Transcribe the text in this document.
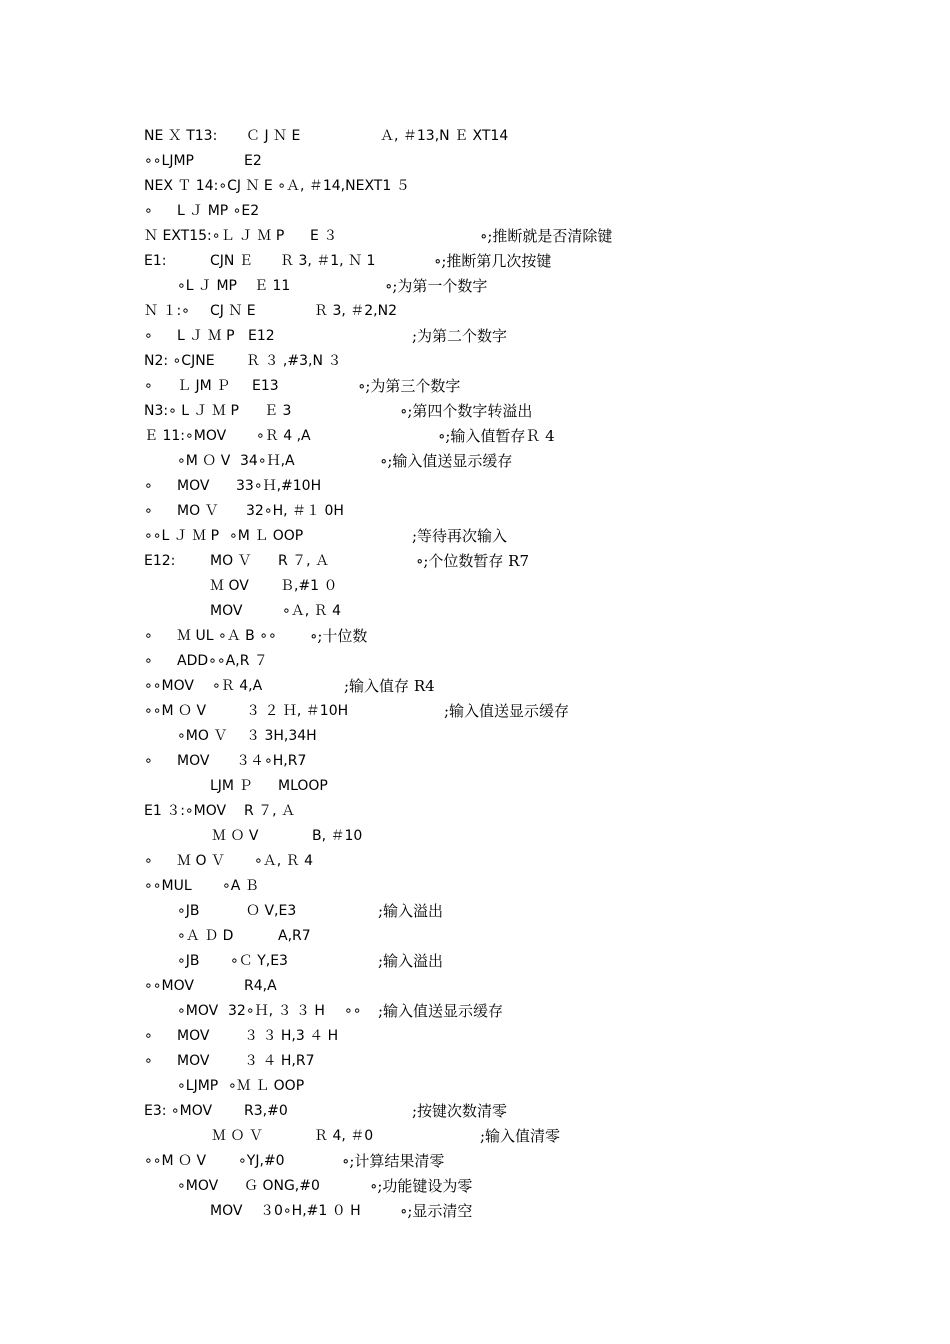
NE Ｘ T13: Ｃ J Ｎ E	Ａ, ＃13,N Ｅ XT14
∘∘LJMP	E2
NEX Ｔ 14:∘CJ Ｎ E ∘Ａ, ＃14,NEXT1 ５
∘ L Ｊ MP ∘E2
Ｎ EXT15:∘Ｌ Ｊ Ｍ P E ３	∘;推断就是否清除键
E1:	CJN Ｅ Ｒ 3, ＃1, Ｎ 1	∘;推断第几次按键
∘L Ｊ MP Ｅ 11	∘;为第一个数字
Ｎ １:∘ CJ Ｎ E	Ｒ 3, ＃2,N2
∘ L Ｊ Ｍ P E12	;为第二个数字
N2: ∘CJNE Ｒ ３ ,#3,N ３
∘ Ｌ JM Ｐ E13	∘;为第三个数字
N3:∘ L Ｊ Ｍ P Ｅ 3	∘;第四个数字转溢出
Ｅ 11:∘MOV ∘Ｒ 4 ,A	∘;输入值暂存Ｒ 4
∘M Ｏ V 34∘Ｈ,A	∘;输入值送显示缓存
∘ MOV 33∘Ｈ,#10H
∘ MO Ｖ 32∘H, ＃１ 0H
∘∘L Ｊ Ｍ P ∘M Ｌ OOP	;等待再次输入
E12: MO Ｖ R ７, Ａ	∘;个位数暂存 R7
Ｍ OV Ｂ,#1 ０
MOV	∘Ａ, Ｒ 4
∘ Ｍ UL ∘Ａ B ∘∘ ∘;十位数
∘ ADD∘∘A,R ７
∘∘MOV ∘Ｒ 4,A	;输入值存 R4
∘∘M Ｏ V	３ ２ Ｈ, ＃10H	;输入值送显示缓存
∘MO Ｖ ３ 3H,34H
∘ MOV ３４∘H,R7
LJM Ｐ MLOOP
E1 ３:∘MOV R ７, Ａ
Ｍ Ｏ V	B, ＃10
∘ Ｍ O Ｖ ∘Ａ, Ｒ 4
∘∘MUL ∘A Ｂ
∘JB	Ｏ V,E3	;输入溢出
∘Ａ Ｄ D	A,R7
∘JB ∘Ｃ Y,E3	;输入溢出
∘∘MOV	R4,A
∘MOV 32∘Ｈ, ３ ３ H ∘∘ ;输入值送显示缓存
∘ MOV ３ ３ H,3 ４ H
∘ MOV ３ ４ H,R7
∘LJMP ∘Ｍ Ｌ OOP
E3: ∘MOV R3,#0	;按键次数清零
Ｍ Ｏ Ｖ	Ｒ 4, ＃0	;输入值清零
∘∘M Ｏ V ∘YJ,#0	∘;计算结果清零
∘MOV Ｇ ONG,#0	∘;功能键设为零
MOV ３0∘H,#1 ０ H	∘;显示清空
